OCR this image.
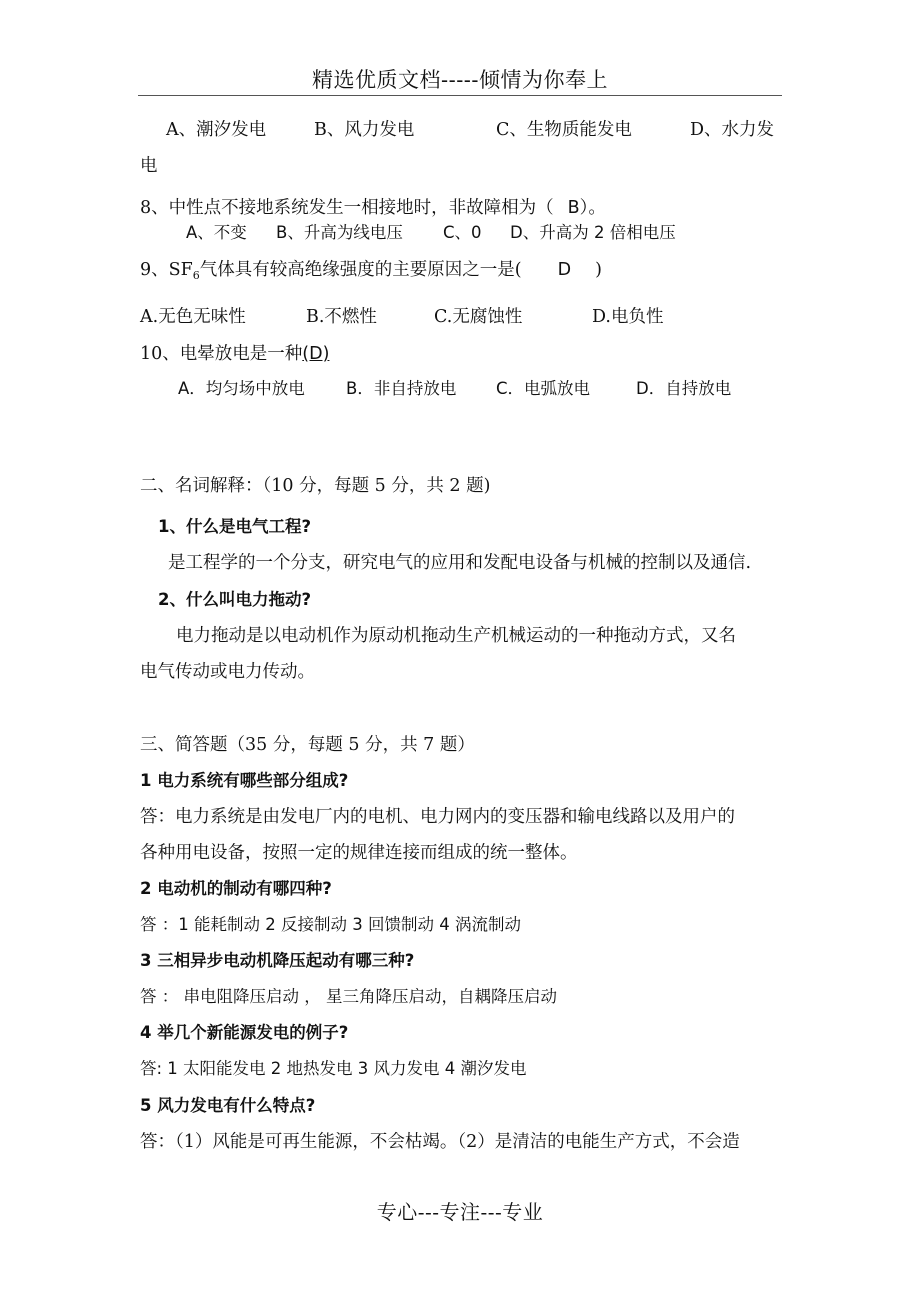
精选优质文档-----倾情为你奉上
A、潮汐发电	B、风力发电	C、生物质能发电	D、水力发
电
8、中性点不接地系统发生一相接地时，非故障相为（ B）。
A、不变 B、升高为线电压 C、0 D、升高为 2 倍相电压
9、$SF_6$气体具有较高绝缘强度的主要原因之一是( D )
A.无色无味性	B.不燃性	C.无腐蚀性	D.电负性
10、电晕放电是一种(D)
A．均匀场中放电 B．非自持放电 C．电弧放电	D．自持放电
二、名词解释：（10 分，每题 5 分，共 2 题)
1、什么是电气工程?
是工程学的一个分支，研究电气的应用和发配电设备与机械的控制以及通信.
2、什么叫电力拖动?
电力拖动是以电动机作为原动机拖动生产机械运动的一种拖动方式，又名
电气传动或电力传动。
三、简答题（35 分，每题 5 分，共 7 题）
1 电力系统有哪些部分组成?
答：电力系统是由发电厂内的电机、电力网内的变压器和输电线路以及用户的
各种用电设备，按照一定的规律连接而组成的统一整体。
2 电动机的制动有哪四种?
答 ：1 能耗制动 2 反接制动 3 回馈制动 4 涡流制动
3 三相异步电动机降压起动有哪三种?
答 ： 串电阻降压启动 ， 星三角降压启动，自耦降压启动
4 举几个新能源发电的例子?
答: 1 太阳能发电 2 地热发电 3 风力发电 4 潮汐发电
5 风力发电有什么特点?
答：（1）风能是可再生能源，不会枯竭。（2）是清洁的电能生产方式，不会造
专心---专注---专业
